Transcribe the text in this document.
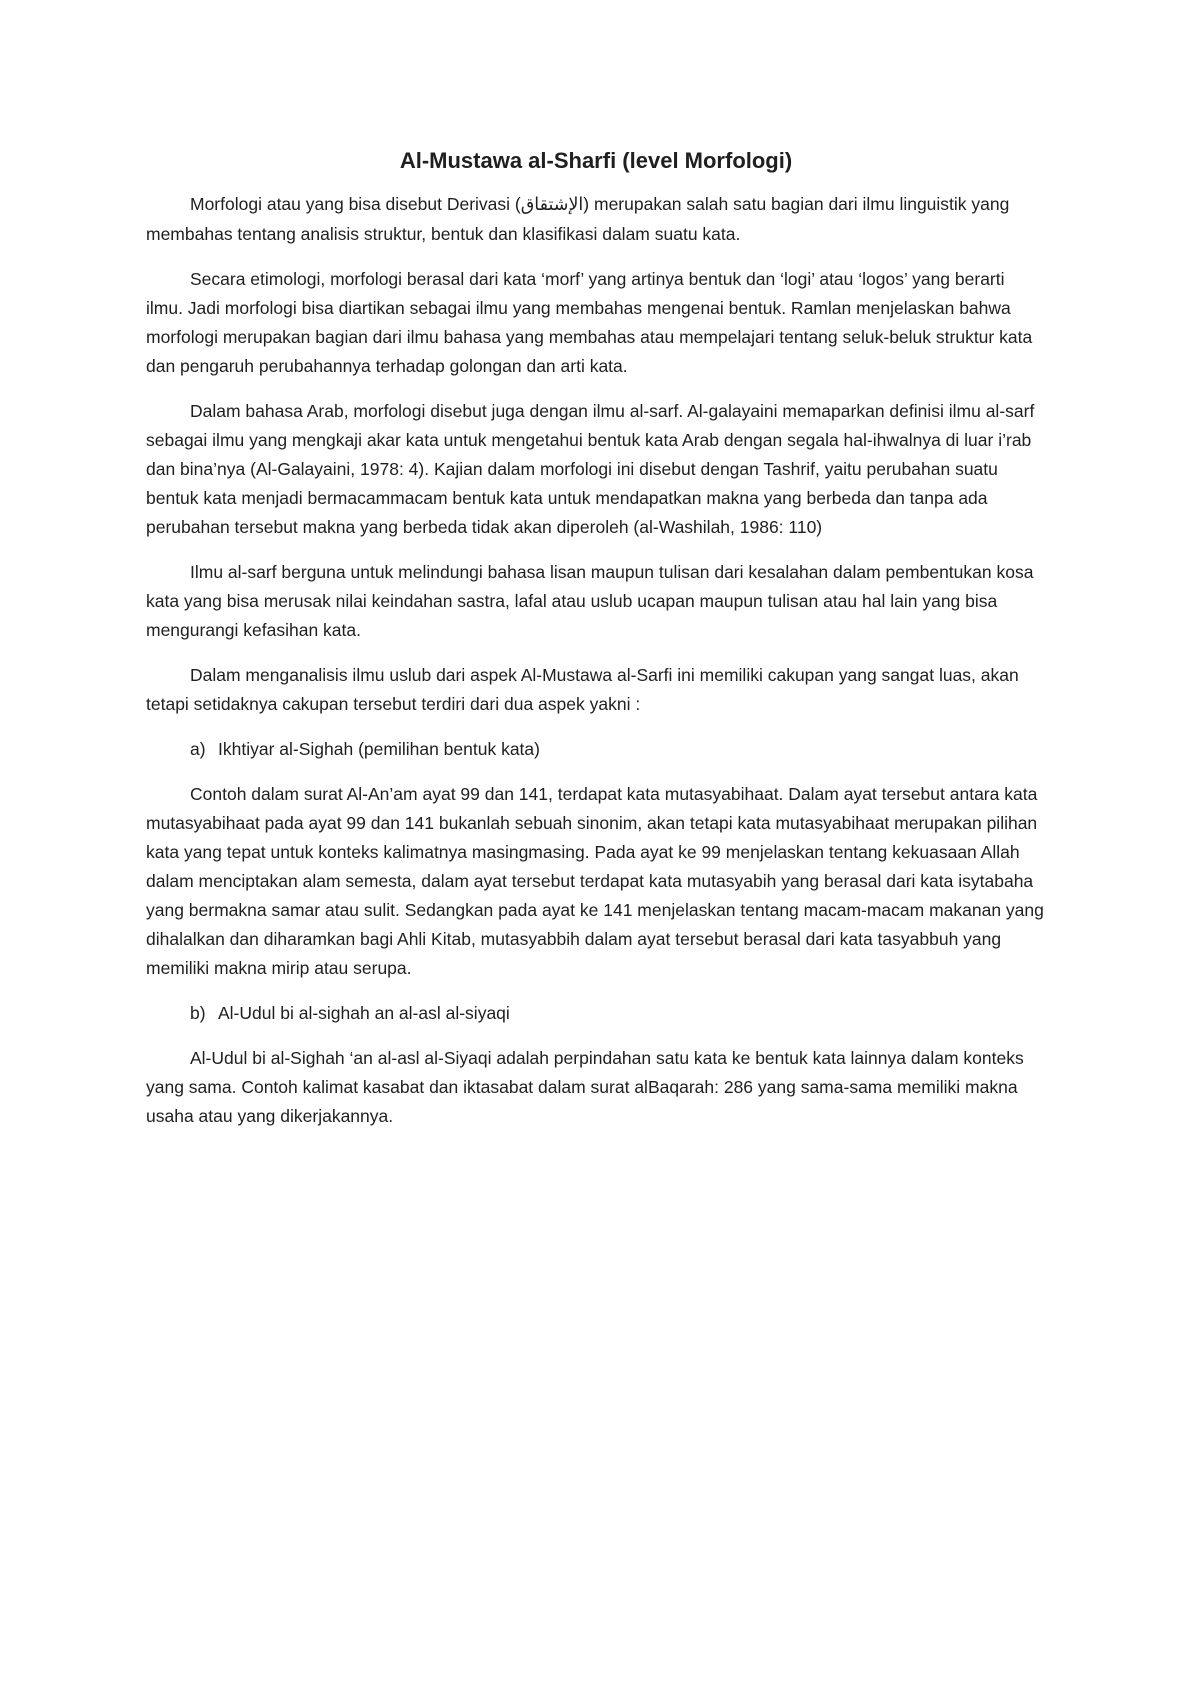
Al-Mustawa al-Sharfi (level Morfologi)

Morfologi atau yang bisa disebut Derivasi (الإشتقاق) merupakan salah satu bagian dari ilmu linguistik yang membahas tentang analisis struktur, bentuk dan klasifikasi dalam suatu kata.

Secara etimologi, morfologi berasal dari kata ‘morf’ yang artinya bentuk dan ‘logi’ atau ‘logos’ yang berarti ilmu. Jadi morfologi bisa diartikan sebagai ilmu yang membahas mengenai bentuk. Ramlan menjelaskan bahwa morfologi merupakan bagian dari ilmu bahasa yang membahas atau mempelajari tentang seluk-beluk struktur kata dan pengaruh perubahannya terhadap golongan dan arti kata.

Dalam bahasa Arab, morfologi disebut juga dengan ilmu al-sarf. Al-galayaini memaparkan definisi ilmu al-sarf sebagai ilmu yang mengkaji akar kata untuk mengetahui bentuk kata Arab dengan segala hal-ihwalnya di luar i’rab dan bina’nya (Al-Galayaini, 1978: 4). Kajian dalam morfologi ini disebut dengan Tashrif, yaitu perubahan suatu bentuk kata menjadi bermacammacam bentuk kata untuk mendapatkan makna yang berbeda dan tanpa ada perubahan tersebut makna yang berbeda tidak akan diperoleh (al-Washilah, 1986: 110)

Ilmu al-sarf berguna untuk melindungi bahasa lisan maupun tulisan dari kesalahan dalam pembentukan kosa kata yang bisa merusak nilai keindahan sastra, lafal atau uslub ucapan maupun tulisan atau hal lain yang bisa mengurangi kefasihan kata.

Dalam menganalisis ilmu uslub dari aspek Al-Mustawa al-Sarfi ini memiliki cakupan yang sangat luas, akan tetapi setidaknya cakupan tersebut terdiri dari dua aspek yakni :

a) Ikhtiyar al-Sighah (pemilihan bentuk kata)

Contoh dalam surat Al-An’am ayat 99 dan 141, terdapat kata mutasyabihaat. Dalam ayat tersebut antara kata mutasyabihaat pada ayat 99 dan 141 bukanlah sebuah sinonim, akan tetapi kata mutasyabihaat merupakan pilihan kata yang tepat untuk konteks kalimatnya masingmasing. Pada ayat ke 99 menjelaskan tentang kekuasaan Allah dalam menciptakan alam semesta, dalam ayat tersebut terdapat kata mutasyabih yang berasal dari kata isytabaha yang bermakna samar atau sulit. Sedangkan pada ayat ke 141 menjelaskan tentang macam-macam makanan yang dihalalkan dan diharamkan bagi Ahli Kitab, mutasyabbih dalam ayat tersebut berasal dari kata tasyabbuh yang memiliki makna mirip atau serupa.

b) Al-Udul bi al-sighah an al-asl al-siyaqi

Al-Udul bi al-Sighah ‘an al-asl al-Siyaqi adalah perpindahan satu kata ke bentuk kata lainnya dalam konteks yang sama. Contoh kalimat kasabat dan iktasabat dalam surat alBaqarah: 286 yang sama-sama memiliki makna usaha atau yang dikerjakannya.
